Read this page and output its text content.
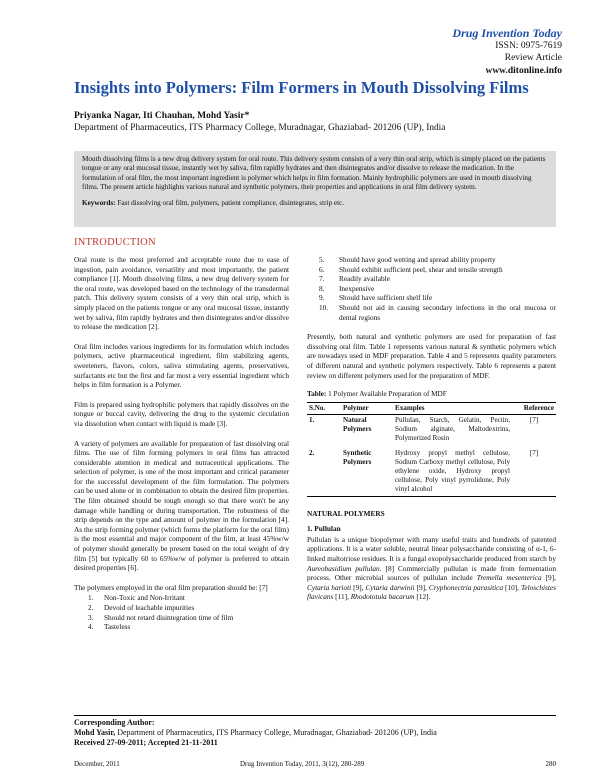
Drug Invention Today
ISSN: 0975-7619
Review Article
www.ditonline.info
Insights into Polymers: Film Formers in Mouth Dissolving Films
Priyanka Nagar, Iti Chauhan, Mohd Yasir*
Department of Pharmaceutics, ITS Pharmacy College, Muradnagar, Ghaziabad- 201206 (UP), India

Mouth dissolving films is a new drug delivery system for oral route. This delivery system consists of a very thin oral strip, which is simply placed on the patients tongue or any oral mucosal tissue, instantly wet by saliva, film rapidly hydrates and then disintegrates and/or dissolve to release the medication. In the formulation of oral film, the most important ingredient is polymer which helps in film formation. Mainly hydrophilic polymers are used in mouth dissolving films. The present article highlights various natural and synthetic polymers, their properties and applications in oral film delivery system.

Keywords: Fast dissolving oral film, polymers, patient compliance, disintegrates, strip etc.

INTRODUCTION

Oral route is the most preferred and acceptable route due to ease of ingestion, pain avoidance, versatility and most importantly, the patient compliance [1]. Mouth dissolving films, a new drug delivery system for the oral route, was developed based on the technology of the transdermal patch. This delivery system consists of a very thin oral strip, which is simply placed on the patients tongue or any oral mucosal tissue, instantly wet by saliva, film rapidly hydrates and then disintegrates and/or dissolve to release the medication [2].

Oral film includes various ingredients for its formulation which includes polymers, active pharmaceutical ingredient, film stabilizing agents, sweeteners, flavors, colors, saliva stimulating agents, preservatives, surfactants etc but the first and far most a very essential ingredient which helps in film formation is a Polymer.

Film is prepared using hydrophilic polymers that rapidly dissolves on the tongue or buccal cavity, delivering the drug to the systemic circulation via dissolution when contact with liquid is made [3].

A variety of polymers are available for preparation of fast dissolving oral films. The use of film forming polymers in oral films has attracted considerable attention in medical and nutraceutical applications. The selection of polymer, is one of the most important and critical parameter for the successful development of the film formulation. The polymers can be used alone or in combination to obtain the desired film properties. The film obtained should be tough enough so that there won't be any damage while handling or during transportation. The robustness of the strip depends on the type and amount of polymer in the formulation [4]. As the strip forming polymer (which forms the platform for the oral film) is the most essential and major component of the film, at least 45%w/w of polymer should generally be present based on the total weight of dry film [5] but typically 60 to 65%w/w of polymer is preferred to obtain desired properties [6].

The polymers employed in the oral film preparation should be: [7]

1. Non-Toxic and Non-Irritant
2. Devoid of leachable impurities
3. Should not retard disintegration time of film
4. Tasteless
5. Should have good wetting and spread ability property
6. Should exhibit sufficient peel, shear and tensile strength
7. Readily available
8. Inexpensive
9. Should have sufficient shelf life
10. Should not aid in causing secondary infections in the oral mucosa or dental regions

Presently, both natural and synthetic polymers are used for preparation of fast dissolving oral film. Table 1 represents various natural & synthetic polymers which are nowadays used in MDF preparation. Table 4 and 5 represents quality parameters of different natural and synthetic polymers respectively. Table 6 represents a patent review on different polymers used for the preparation of MDF.

Table: 1 Polymer Available Preparation of MDF
S.No.	Polymer	Examples	Reference
1.	Natural Polymers	Pullulan, Starch, Gelatin, Pectin, Sodium alginate, Maltodextrins, Polymerized Rosin	[7]
2.	Synthetic Polymers	Hydroxy propyl methyl cellulose, Sodium Carboxy methyl cellulose, Poly ethylene oxide, Hydroxy propyl cellulose, Poly vinyl pyrrolidone, Poly vinyl alcohol	[7]
NATURAL POLYMERS
1. Pullulan

Pullulan is a unique biopolymer with many useful traits and hundreds of patented applications. It is a water soluble, neutral linear polysaccharide consisting of α-1, 6-linked maltotriose residues. It is a fungal exopolysaccharide produced from starch by Aureobasidium pullulan. [8] Commercially pullulan is made from fermentation process. Other microbial sources of pullulan include Tremella mesenterica [9], Cytaria harioti [9], Cytaria darwinii [9], Cryphonectria parasitica [10], Teloschistes flavicans [11], Rhodototula bacarum [12].

Corresponding Author:
Mohd Yasir, Department of Pharmaceutics, ITS Pharmacy College, Muradnagar, Ghaziabad- 201206 (UP), India
Received 27-09-2011; Accepted 21-11-2011
December, 2011	Drug Invention Today, 2011, 3(12), 280-289	280
